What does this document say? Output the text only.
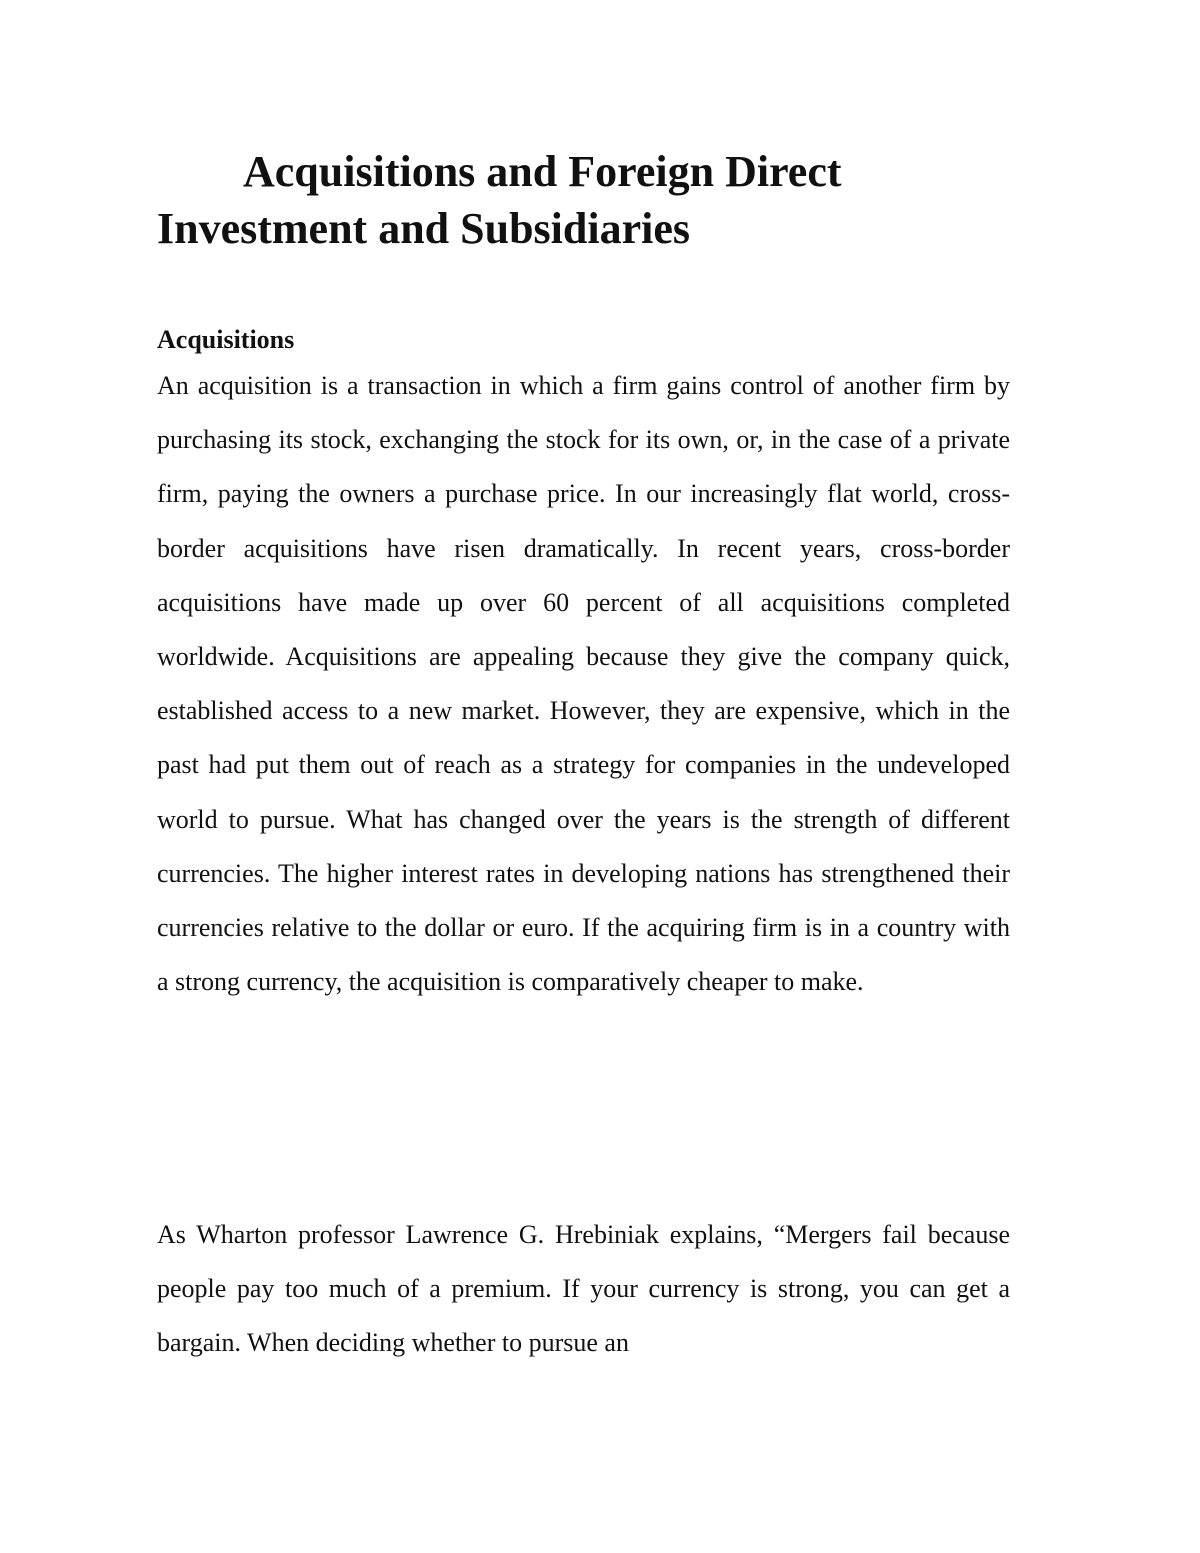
Acquisitions and Foreign Direct Investment and Subsidiaries
Acquisitions

An acquisition is a transaction in which a firm gains control of another firm by purchasing its stock, exchanging the stock for its own, or, in the case of a private firm, paying the owners a purchase price. In our increasingly flat world, cross-border acquisitions have risen dramatically. In recent years, cross-border acquisitions have made up over 60 percent of all acquisitions completed worldwide. Acquisitions are appealing because they give the company quick, established access to a new market. However, they are expensive, which in the past had put them out of reach as a strategy for companies in the undeveloped world to pursue. What has changed over the years is the strength of different currencies. The higher interest rates in developing nations has strengthened their currencies relative to the dollar or euro. If the acquiring firm is in a country with a strong currency, the acquisition is comparatively cheaper to make.

As Wharton professor Lawrence G. Hrebiniak explains, “Mergers fail because people pay too much of a premium. If your currency is strong, you can get a bargain. When deciding whether to pursue an
